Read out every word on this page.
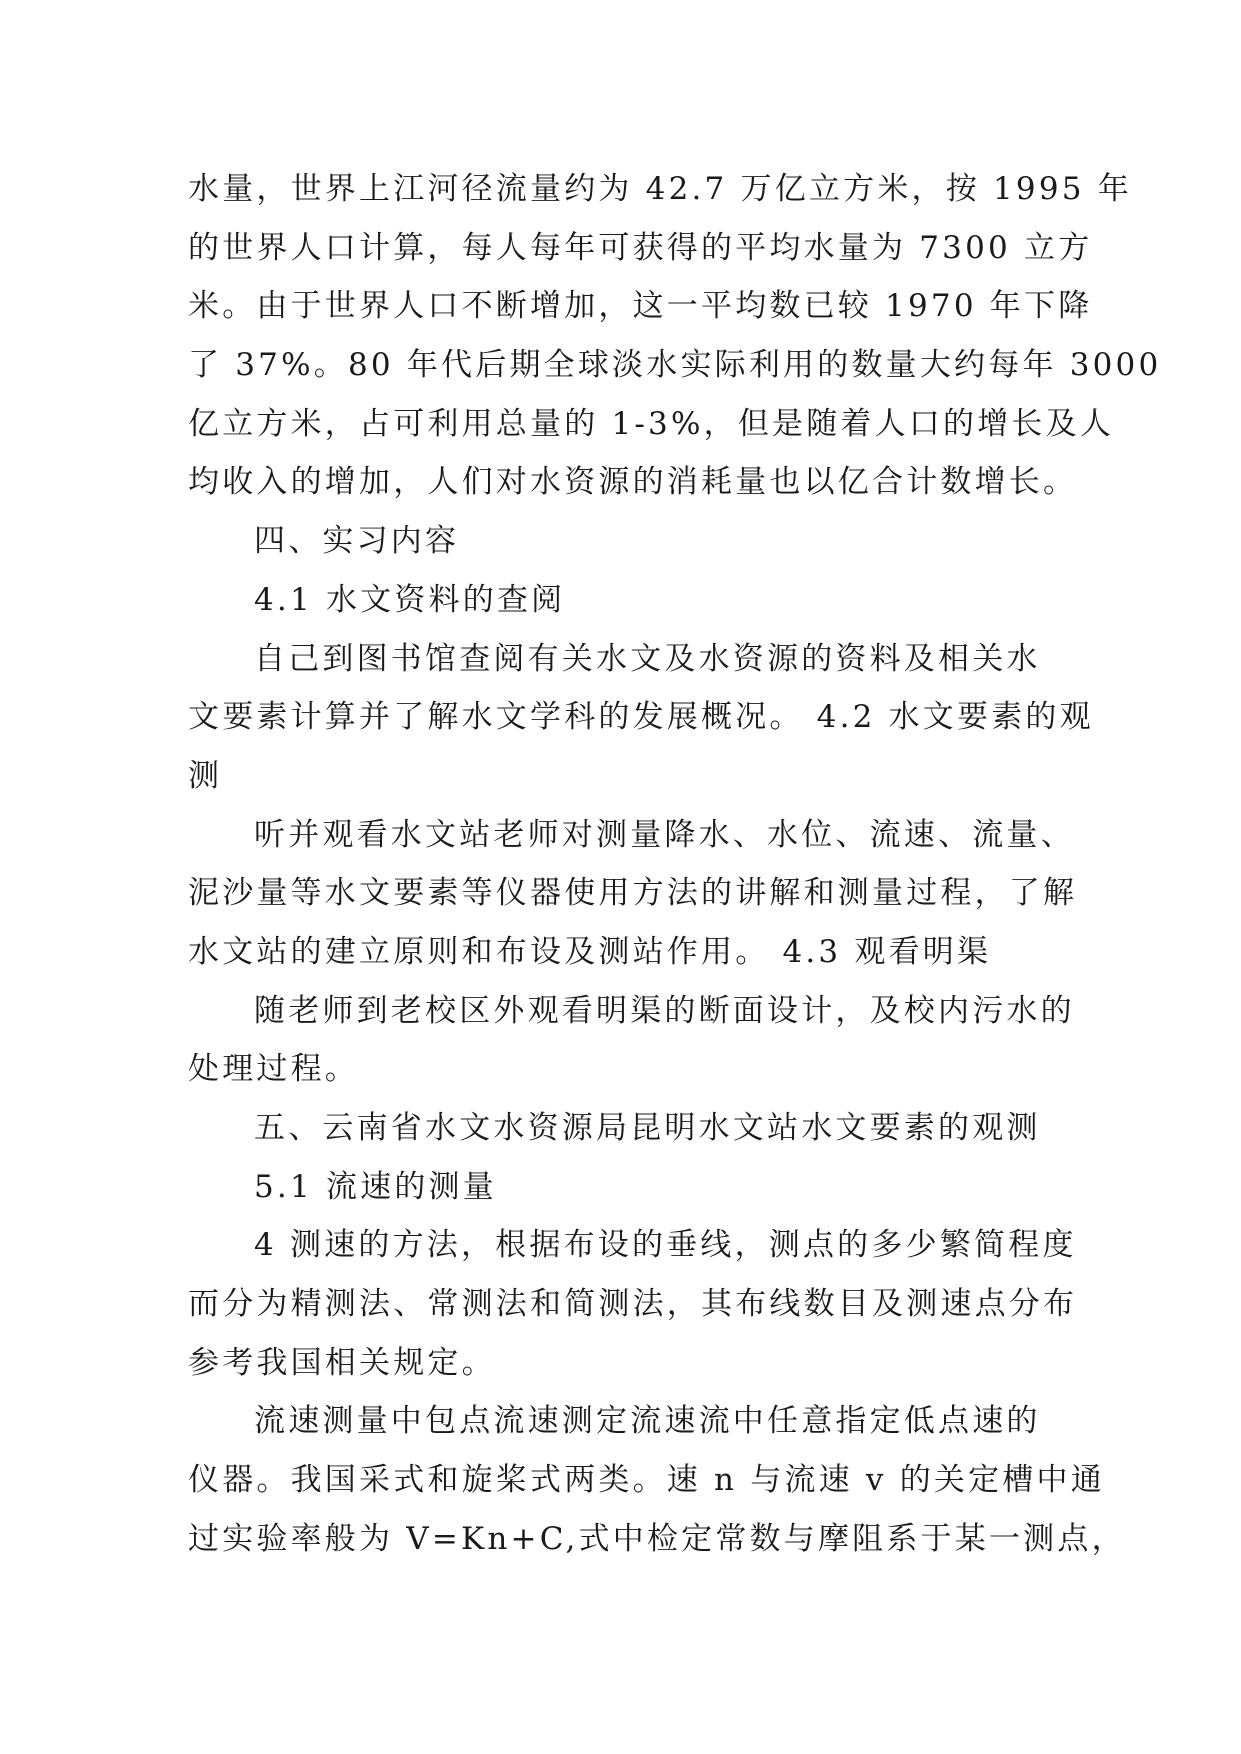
水量，世界上江河径流量约为 42.7 万亿立方米，按 1995 年
的世界人口计算，每人每年可获得的平均水量为 7300 立方
米。由于世界人口不断增加，这一平均数已较 1970 年下降
了 37%。80 年代后期全球淡水实际利用的数量大约每年 3000
亿立方米，占可利用总量的 1-3%，但是随着人口的增长及人
均收入的增加，人们对水资源的消耗量也以亿合计数增长。
四、实习内容
4.1 水文资料的查阅
自己到图书馆查阅有关水文及水资源的资料及相关水
文要素计算并了解水文学科的发展概况。 4.2 水文要素的观
测
听并观看水文站老师对测量降水、水位、流速、流量、
泥沙量等水文要素等仪器使用方法的讲解和测量过程，了解
水文站的建立原则和布设及测站作用。 4.3 观看明渠
随老师到老校区外观看明渠的断面设计，及校内污水的
处理过程。
五、云南省水文水资源局昆明水文站水文要素的观测
5.1 流速的测量
4 测速的方法，根据布设的垂线，测点的多少繁简程度
而分为精测法、常测法和简测法，其布线数目及测速点分布
参考我国相关规定。
流速测量中包点流速测定流速流中任意指定低点速的
仪器。我国采式和旋桨式两类。速 n 与流速 v 的关定槽中通
过实验率般为 V=Kn+C,式中检定常数与摩阻系于某一测点，
